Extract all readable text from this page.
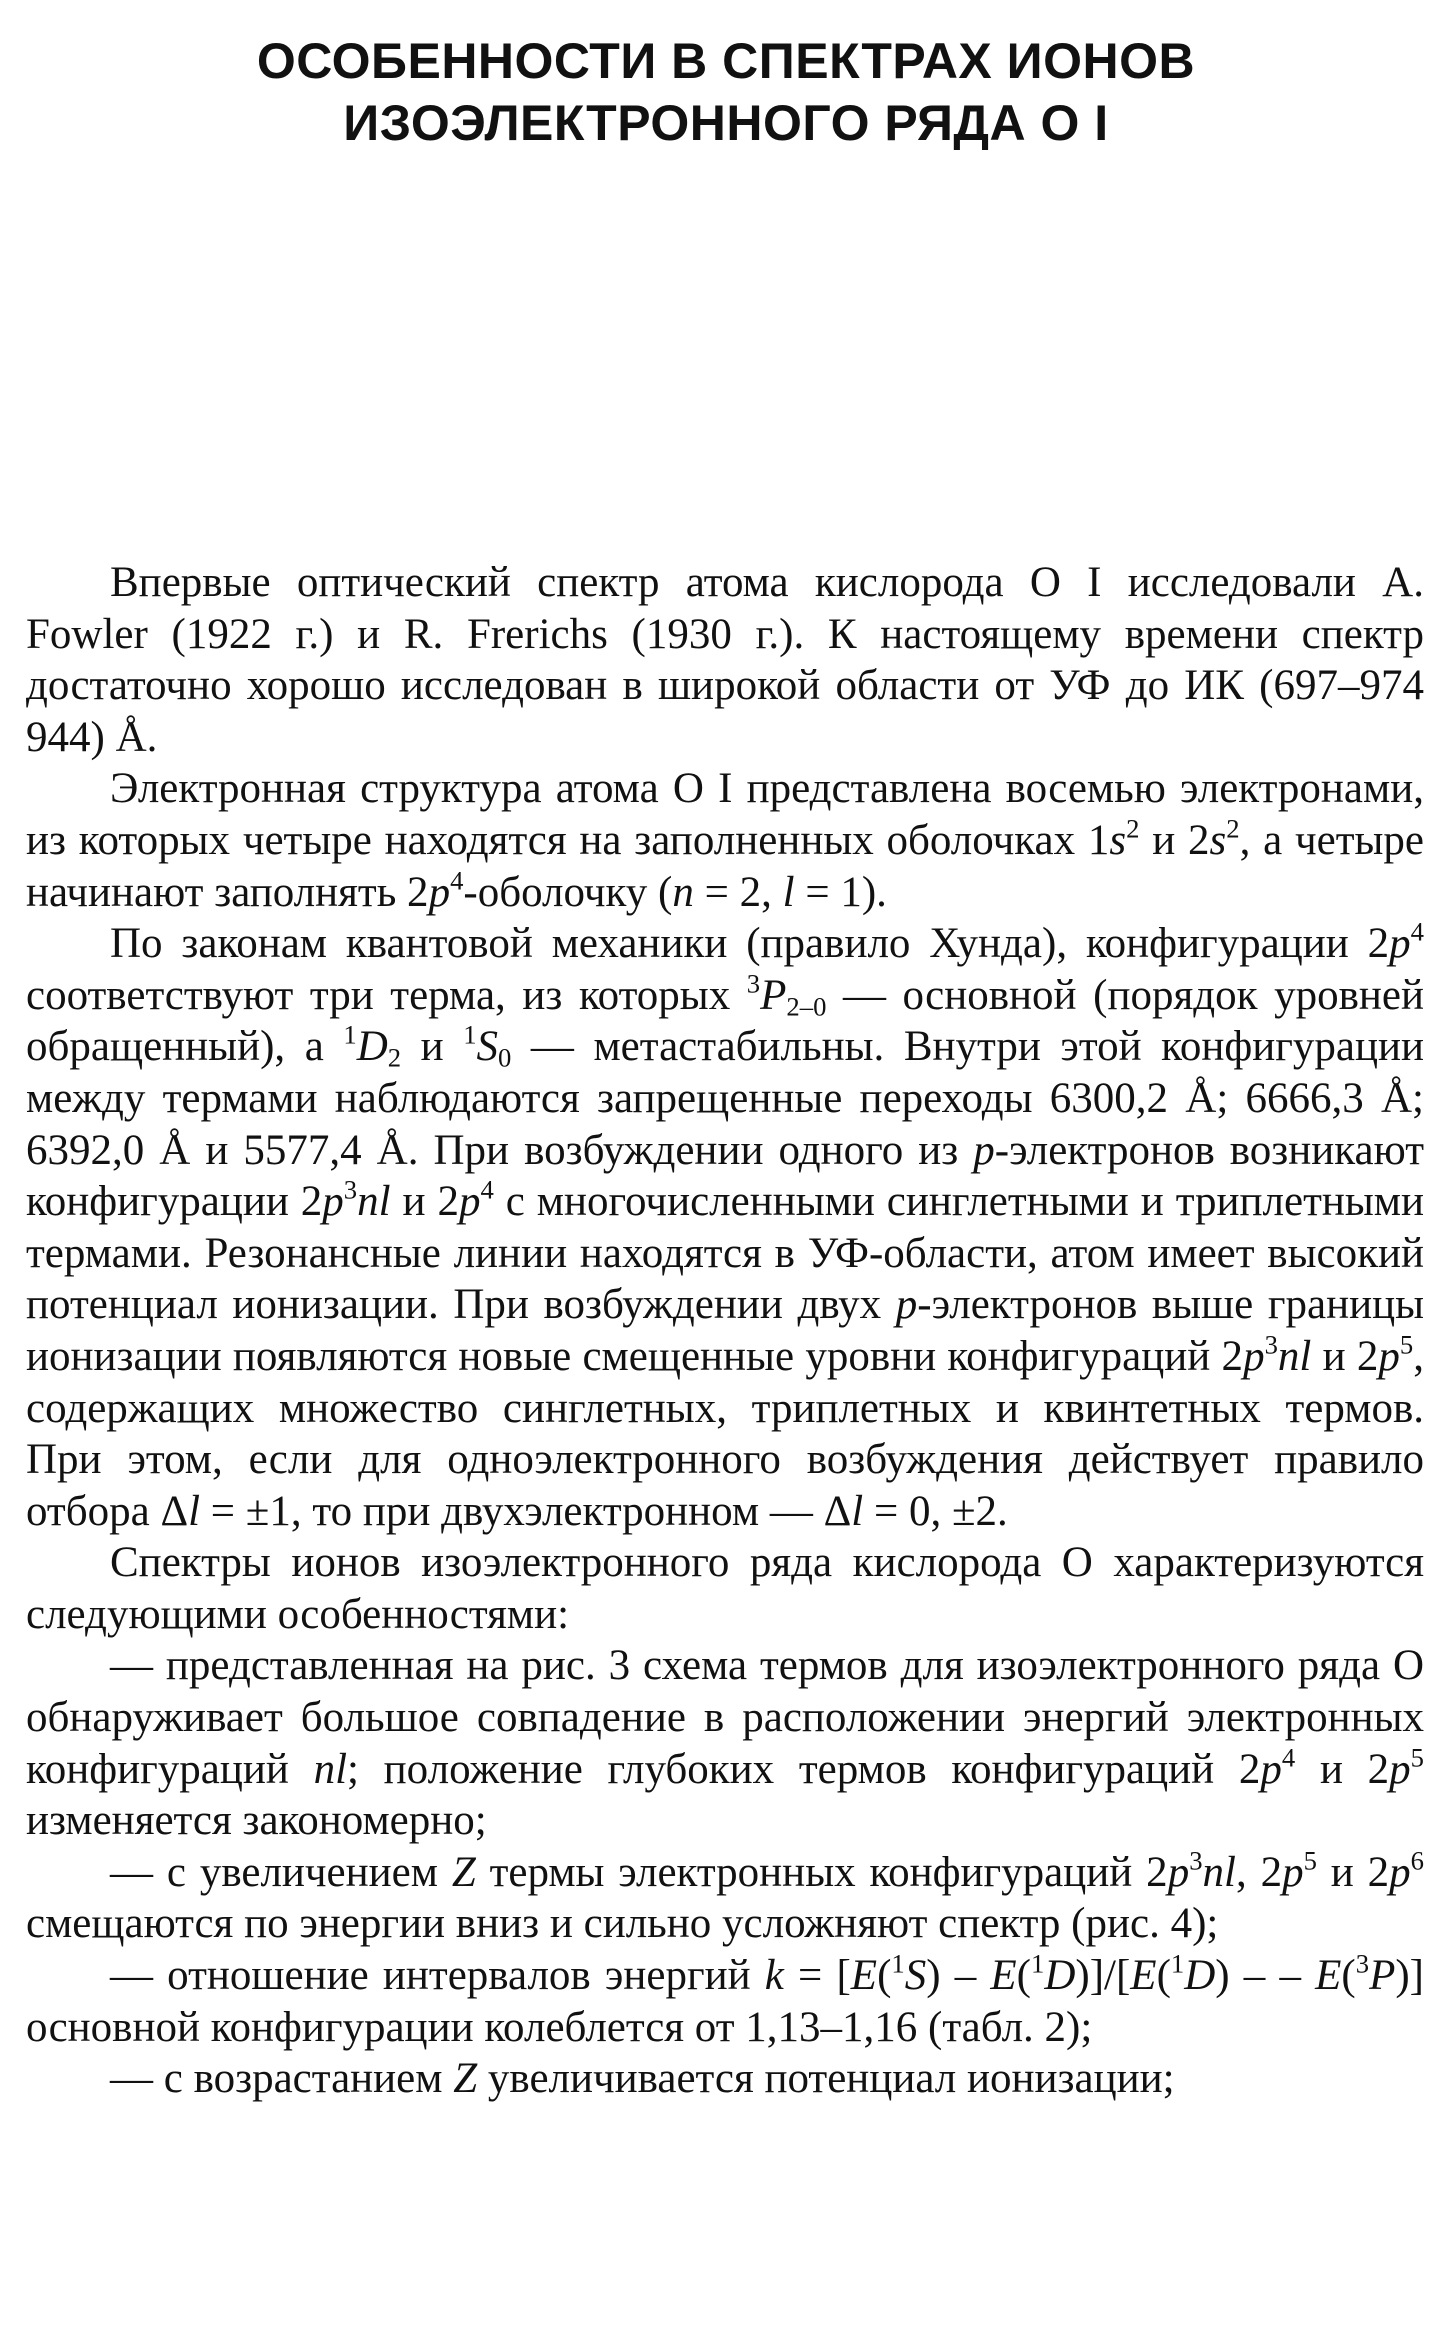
ОСОБЕННОСТИ В СПЕКТРАХ ИОНОВ
ИЗОЭЛЕКТРОННОГО РЯДА О I

Впервые оптический спектр атома кислорода O I исследовали A. Fowler (1922 г.) и R. Frerichs (1930 г.). К настоящему времени спектр достаточно хорошо исследован в широкой области от УФ до ИК (697–974 944) Å.

Электронная структура атома O I представлена восемью электронами, из которых четыре находятся на заполненных оболочках $1s^2$ и $2s^2$, а четыре начинают заполнять $2p^4$-оболочку (n = 2, l = 1).

По законам квантовой механики (правило Хунда), конфигурации $2p^4$ соответствуют три терма, из которых $^3P_{2-0}$ — основной (порядок уровней обращенный), а $^1D_2$ и $^1S_0$ — метастабильны. Внутри этой конфигурации между термами наблюдаются запрещенные переходы 6300,2 Å; 6666,3 Å; 6392,0 Å и 5577,4 Å. При возбуждении одного из p-электронов возникают конфигурации $2p^3nl$ и $2p^4$ с многочисленными синглетными и триплетными термами. Резонансные линии находятся в УФ-области, атом имеет высокий потенциал ионизации. При возбуждении двух p-электронов выше границы ионизации появляются новые смещенные уровни конфигураций $2p^3nl$ и $2p^5$, содержащих множество синглетных, триплетных и квинтетных термов. При этом, если для одноэлектронного возбуждения действует правило отбора Δl = ±1, то при двухэлектронном — Δl = 0, ±2.

Спектры ионов изоэлектронного ряда кислорода O характеризуются следующими особенностями:

— представленная на рис. 3 схема термов для изоэлектронного ряда O обнаруживает большое совпадение в расположении энергий электронных конфигураций nl; положение глубоких термов конфигураций $2p^4$ и $2p^5$ изменяется закономерно;

— с увеличением Z термы электронных конфигураций $2p^3nl$, $2p^5$ и $2p^6$ смещаются по энергии вниз и сильно усложняют спектр (рис. 4);

— отношение интервалов энергий k = [E($^1$S) – E($^1$D)]/[E($^1$D) – – E($^3$P)] основной конфигурации колеблется от 1,13–1,16 (табл. 2);

— с возрастанием Z увеличивается потенциал ионизации;
